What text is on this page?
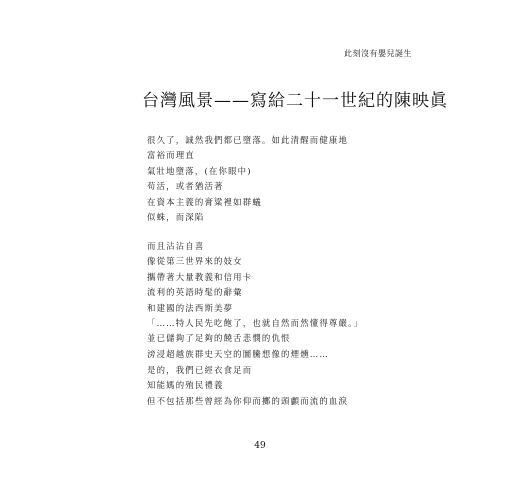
此刻沒有嬰兒誕生
台灣風景——寫給二十一世紀的陳映眞
很久了，誠然我們都已墮落。如此清醒而健康地
富裕而理直
氣壯地墮落，(在你眼中)
苟活，或者猶活著
在資本主義的膏粱裡如群蟻
似蛛，而深陷
而且沾沾自喜
像從第三世界來的妓女
攜帶著大量教義和信用卡
流利的英語時髦的辭彙
和建國的法西斯美夢
「……特人民先吃飽了，也就自然而然懂得尊嚴。」
並已儲夠了足夠的饒舌悲憫的仇恨
滂浸超越族群史天空的圖騰想像的煙燻……
是的，我們已經衣食足而
知能媽的殖民禮義
但不包括那些曾經為你仰而擲的頭顱而流的血淚
49
